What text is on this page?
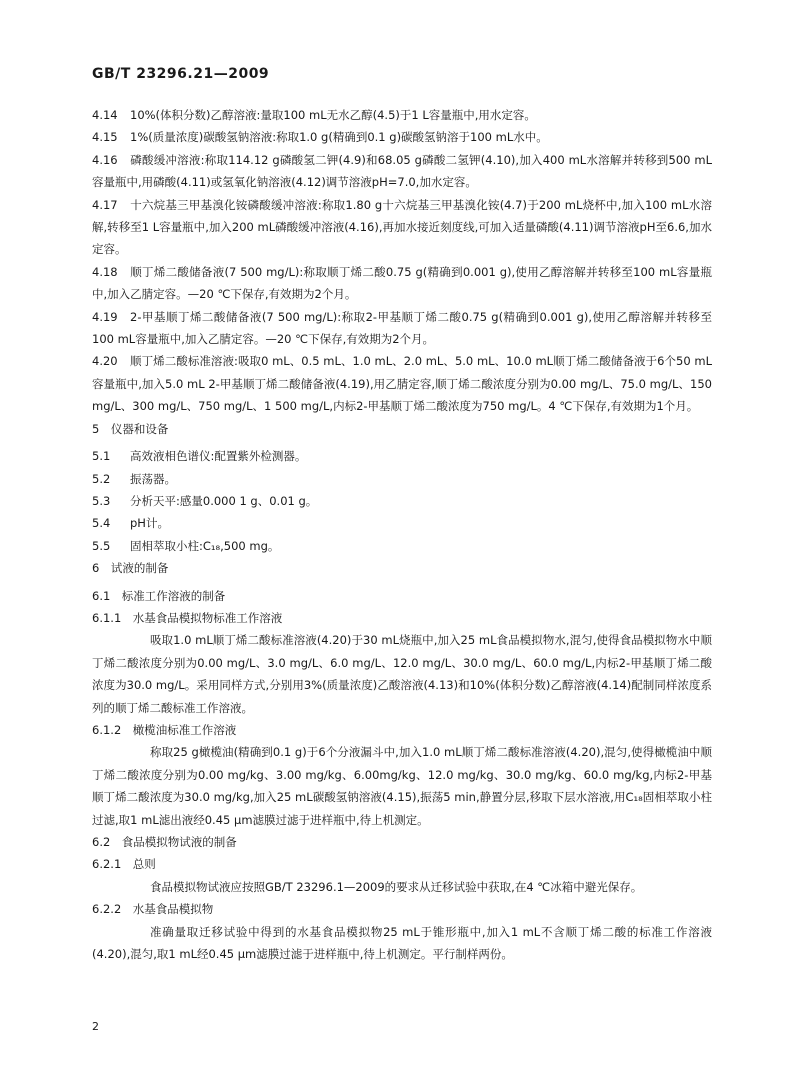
GB/T 23296.21—2009

4.14 10%(体积分数)乙醇溶液:量取100 mL无水乙醇(4.5)于1 L容量瓶中,用水定容。

4.15 1%(质量浓度)碳酸氢钠溶液:称取1.0 g(精确到0.1 g)碳酸氢钠溶于100 mL水中。

4.16 磷酸缓冲溶液:称取114.12 g磷酸氢二钾(4.9)和68.05 g磷酸二氢钾(4.10),加入400 mL水溶解并转移到500 mL容量瓶中,用磷酸(4.11)或氢氧化钠溶液(4.12)调节溶液pH=7.0,加水定容。

4.17 十六烷基三甲基溴化铵磷酸缓冲溶液:称取1.80 g十六烷基三甲基溴化铵(4.7)于200 mL烧杯中,加入100 mL水溶解,转移至1 L容量瓶中,加入200 mL磷酸缓冲溶液(4.16),再加水接近刻度线,可加入适量磷酸(4.11)调节溶液pH至6.6,加水定容。

4.18 顺丁烯二酸储备液(7 500 mg/L):称取顺丁烯二酸0.75 g(精确到0.001 g),使用乙醇溶解并转移至100 mL容量瓶中,加入乙腈定容。—20 ℃下保存,有效期为2个月。

4.19 2-甲基顺丁烯二酸储备液(7 500 mg/L):称取2-甲基顺丁烯二酸0.75 g(精确到0.001 g),使用乙醇溶解并转移至100 mL容量瓶中,加入乙腈定容。—20 ℃下保存,有效期为2个月。

4.20 顺丁烯二酸标准溶液:吸取0 mL、0.5 mL、1.0 mL、2.0 mL、5.0 mL、10.0 mL顺丁烯二酸储备液于6个50 mL容量瓶中,加入5.0 mL 2-甲基顺丁烯二酸储备液(4.19),用乙腈定容,顺丁烯二酸浓度分别为0.00 mg/L、75.0 mg/L、150 mg/L、300 mg/L、750 mg/L、1 500 mg/L,内标2-甲基顺丁烯二酸浓度为750 mg/L。4 ℃下保存,有效期为1个月。

5　仪器和设备

5.1 高效液相色谱仪:配置紫外检测器。

5.2 振荡器。

5.3 分析天平:感量0.000 1 g、0.01 g。

5.4 pH计。

5.5 固相萃取小柱:C₁₈,500 mg。

6　试液的制备

6.1　标准工作溶液的制备

6.1.1　水基食品模拟物标准工作溶液

吸取1.0 mL顺丁烯二酸标准溶液(4.20)于30 mL烧瓶中,加入25 mL食品模拟物水,混匀,使得食品模拟物水中顺丁烯二酸浓度分别为0.00 mg/L、3.0 mg/L、6.0 mg/L、12.0 mg/L、30.0 mg/L、60.0 mg/L,内标2-甲基顺丁烯二酸浓度为30.0 mg/L。采用同样方式,分别用3%(质量浓度)乙酸溶液(4.13)和10%(体积分数)乙醇溶液(4.14)配制同样浓度系列的顺丁烯二酸标准工作溶液。

6.1.2　橄榄油标准工作溶液

称取25 g橄榄油(精确到0.1 g)于6个分液漏斗中,加入1.0 mL顺丁烯二酸标准溶液(4.20),混匀,使得橄榄油中顺丁烯二酸浓度分别为0.00 mg/kg、3.00 mg/kg、6.00mg/kg、12.0 mg/kg、30.0 mg/kg、60.0 mg/kg,内标2-甲基顺丁烯二酸浓度为30.0 mg/kg,加入25 mL碳酸氢钠溶液(4.15),振荡5 min,静置分层,移取下层水溶液,用C₁₈固相萃取小柱过滤,取1 mL滤出液经0.45 μm滤膜过滤于进样瓶中,待上机测定。

6.2　食品模拟物试液的制备

6.2.1　总则

食品模拟物试液应按照GB/T 23296.1—2009的要求从迁移试验中获取,在4 ℃冰箱中避光保存。

6.2.2　水基食品模拟物

准确量取迁移试验中得到的水基食品模拟物25 mL于锥形瓶中,加入1 mL不含顺丁烯二酸的标准工作溶液(4.20),混匀,取1 mL经0.45 μm滤膜过滤于进样瓶中,待上机测定。平行制样两份。

2
